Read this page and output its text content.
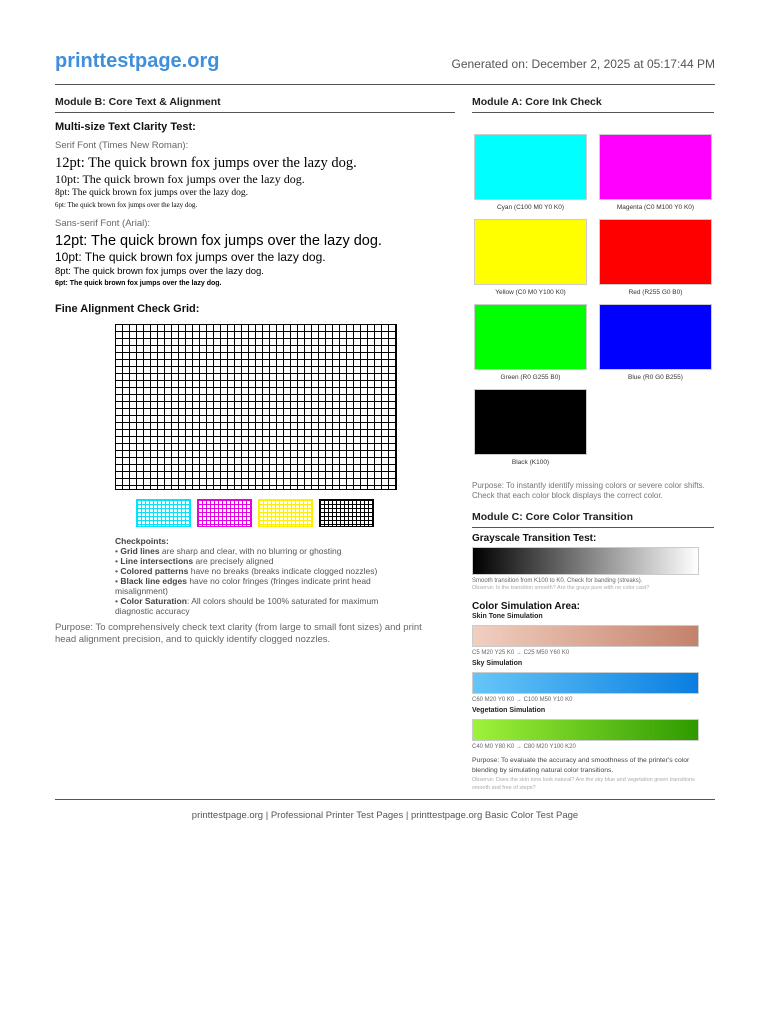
printtestpage.org	Generated on: December 2, 2025 at 05:17:44 PM
Module B: Core Text & Alignment
Multi-size Text Clarity Test:
Serif Font (Times New Roman):
12pt: The quick brown fox jumps over the lazy dog.
10pt: The quick brown fox jumps over the lazy dog.
8pt: The quick brown fox jumps over the lazy dog.
6pt: The quick brown fox jumps over the lazy dog.
Sans-serif Font (Arial):
12pt: The quick brown fox jumps over the lazy dog.
10pt: The quick brown fox jumps over the lazy dog.
8pt: The quick brown fox jumps over the lazy dog.
6pt: The quick brown fox jumps over the lazy dog.
Fine Alignment Check Grid:
Checkpoints:
• Grid lines are sharp and clear, with no blurring or ghosting
• Line intersections are precisely aligned
• Colored patterns have no breaks (breaks indicate clogged nozzles)
• Black line edges have no color fringes (fringes indicate print head misalignment)
• Color Saturation: All colors should be 100% saturated for maximum diagnostic accuracy
Purpose: To comprehensively check text clarity (from large to small font sizes) and print head alignment precision, and to quickly identify clogged nozzles.
Module A: Core Ink Check
Cyan (C100 M0 Y0 K0)	Magenta (C0 M100 Y0 K0)
Yellow (C0 M0 Y100 K0)	Red (R255 G0 B0)
Green (R0 G255 B0)	Blue (R0 G0 B255)
Black (K100)
Purpose: To instantly identify missing colors or severe color shifts. Check that each color block displays the correct color.
Module C: Core Color Transition
Grayscale Transition Test:
Smooth transition from K100 to K0. Check for banding (streaks).
Observe: Is the transition smooth? Are the grays pure with no color cast?
Color Simulation Area:
Skin Tone Simulation
C5 M20 Y25 K0 → C25 M50 Y60 K0
Sky Simulation
C60 M20 Y0 K0 → C100 M50 Y10 K0
Vegetation Simulation
C40 M0 Y80 K0 → C80 M20 Y100 K20
Purpose: To evaluate the accuracy and smoothness of the printer's color blending by simulating natural color transitions.
Observe: Does the skin tone look natural? Are the sky blue and vegetation green transitions smooth and free of steps?
printtestpage.org | Professional Printer Test Pages | printtestpage.org Basic Color Test Page
